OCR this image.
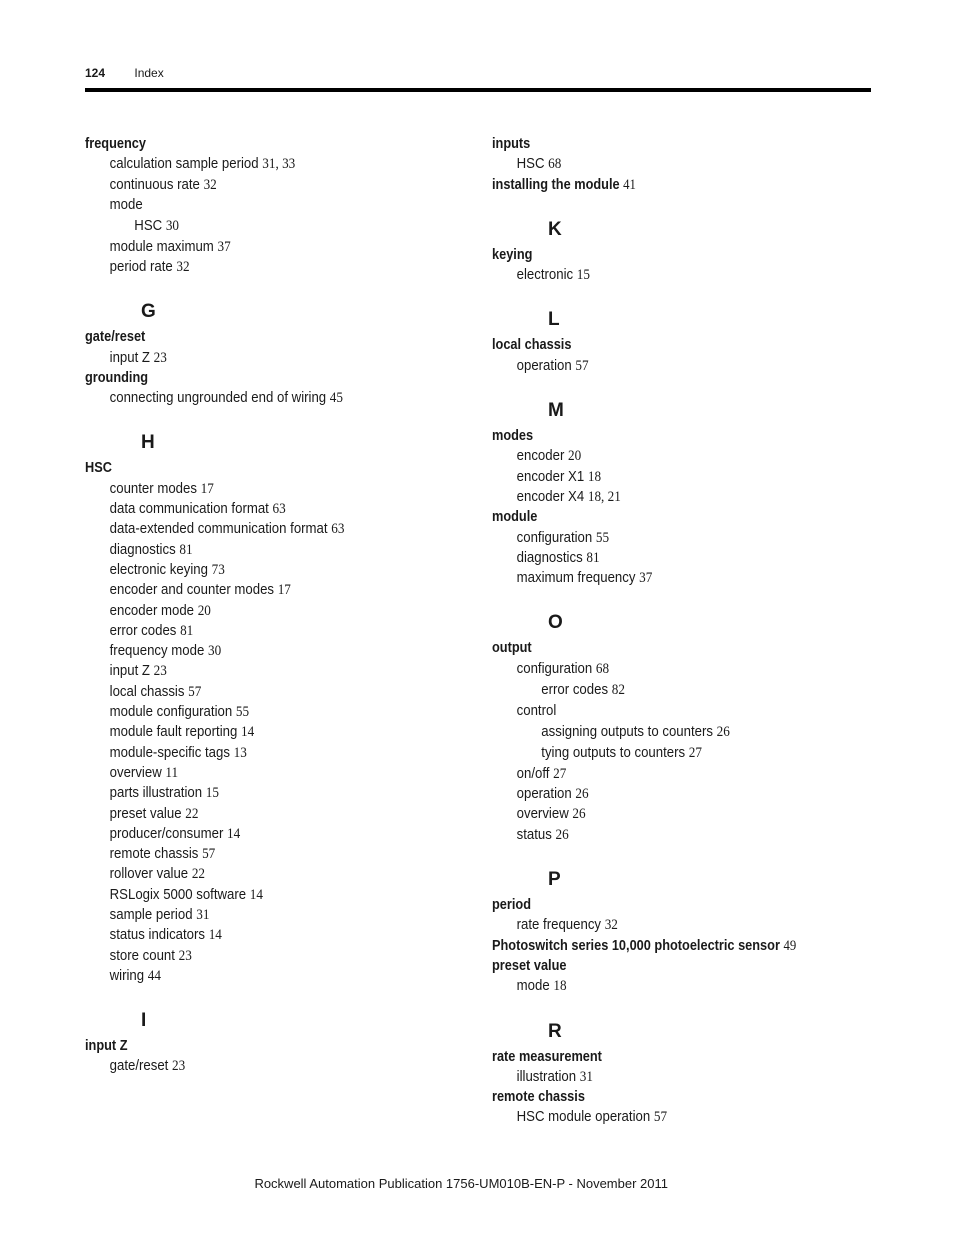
124 Index
frequency
calculation sample period 31, 33
continuous rate 32
mode
HSC 30
module maximum 37
period rate 32
G
gate/reset
input Z 23
grounding
connecting ungrounded end of wiring 45
H
HSC
counter modes 17
data communication format 63
data-extended communication format 63
diagnostics 81
electronic keying 73
encoder and counter modes 17
encoder mode 20
error codes 81
frequency mode 30
input Z 23
local chassis 57
module configuration 55
module fault reporting 14
module-specific tags 13
overview 11
parts illustration 15
preset value 22
producer/consumer 14
remote chassis 57
rollover value 22
RSLogix 5000 software 14
sample period 31
status indicators 14
store count 23
wiring 44
I
input Z
gate/reset 23
inputs
HSC 68
installing the module 41
K
keying
electronic 15
L
local chassis
operation 57
M
modes
encoder 20
encoder X1 18
encoder X4 18, 21
module
configuration 55
diagnostics 81
maximum frequency 37
O
output
configuration 68
error codes 82
control
assigning outputs to counters 26
tying outputs to counters 27
on/off 27
operation 26
overview 26
status 26
P
period
rate frequency 32
Photoswitch series 10,000 photoelectric sensor 49
preset value
mode 18
R
rate measurement
illustration 31
remote chassis
HSC module operation 57
Rockwell Automation Publication 1756-UM010B-EN-P - November 2011
